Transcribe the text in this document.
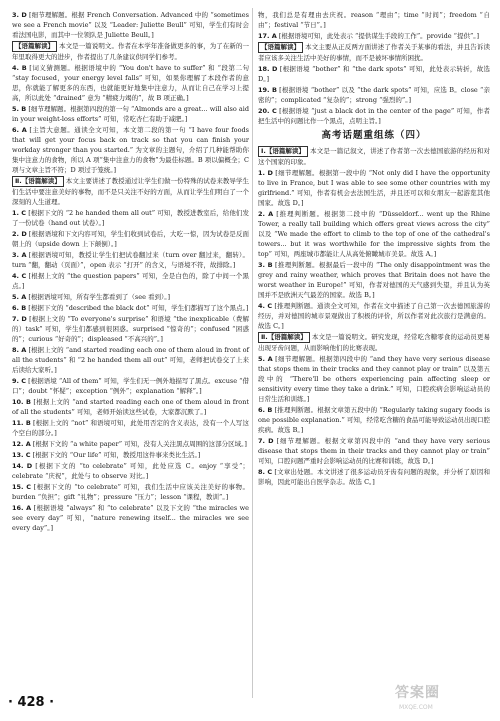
3. D [细节理解题。根据 French Conversation. Advanced 中的 “sometimes we see a French movie” 以及 “Leader: Juliette Beull” 可知，学生们有时会看法国电影，而其中一位领队是 Juliette Beull。]
【语篇解读】 本文是一篇说明文。作者在本学年准备做更多的事，为了在新的一年里取得更大的进步，作者提出了几条建议供同学们参考。
4. B [词义猜测题。根据语境中的 “You don't have to suffer” 和 “段第二句 “stay focused，your energy level falls” 可知，如果你理解了本段作者的意思，你就能了解更多的东西，也就能更好地集中注意力，从而让自己在学习上提高，所以此处 “drained” 意为 “精疲力竭的”，故 B 项正确。]
5. B [细节理解题。根据第四段的第一句 “Almonds are a great... will also aid in your weight-loss efforts” 可知，常吃杏仁有助于减肥。]
6. A [主旨大意题。通读全文可知，本文第二段的第一句 “I have four foods that will get your focus back on track so that you can finish your workday stronger than you started.” 为文章的主题句，介绍了几种能帮助你集中注意力的食物，所以 A 项“集中注意力的食物”为最佳标题。B 项以偏概全；C 项与文章主旨不符；D 项过于笼统。]
Ⅱ.【语篇解读】 本文主要讲述了教授通过让学生们做一份特殊的试卷来教导学生们生活中要注意美好的事物，而不是只关注不好的方面，从而让学生们明白了一个深刻的人生道理。
1. C [根据下文的 “2 he handed them all out” 可知，教授进教室后，给他们发了一份试卷（hand out 试卷）。]
2. D [根据语境和下文内容可知，学生们收到试卷后，大吃一惊，因为试卷是反面朝上的（upside down 上下颠倒）。]
3. A [根据语境可知，教授让学生们把试卷翻过来（turn over 翻过来，翻转）。turn “翻，翻动（页面）”，open 表示 “打开” 的含义，与语境不符，故排除。]
4. C [根据上文的 “the question papers” 可知，全是白色的，除了中间一个黑点。]
5. A [根据语境可知，所有学生都看到了（see 看到）。]
6. B [根据下文的 “described the black dot” 可知，学生们都描写了这个黑点。]
7. D [根据上文的 “To everyone's surprise” 和语境 “the inexplicable（费解的）task” 可知，学生们都感到很困惑。surprised “惊奇的”；confused “困惑的”；curious “好奇的”；displeased “不高兴的”。]
8. A [根据上文的 “and started reading each one of them aloud in front of all the students” 和 “2 he handed them all out” 可知，老师把试卷交了上来后读给大家听。]
9. C [根据语境 “All of them” 可知，学生们无一例外地描写了黑点。excuse “借口”；doubt “怀疑”；exception “例外”；explanation “解释”。]
10. B [根据上文的 “and started reading each one of them aloud in front of all the students” 可知，老师开始读这些试卷，大家都沉默了。]
11. B [根据上文的 “not” 和语境可知，此处用否定的含义表达，没有一个人写这个空白的部分。]
12. A [根据下文的 “a white paper” 可知，没有人关注黑点周围的这部分区域。]
13. C [根据下文的 “Our life” 可知，教授用这件事来类比生活。]
14. D [根据下文的 “to celebrate” 可知，此处应选 C。enjoy “享受”；celebrate “庆祝”，此处与 to observe 对比。]
15. C [根据下文的 “to celebrate” 可知，我们生活中应该关注美好的事物。burden “负担”；gift “礼物”；pressure “压力”；lesson “课程，教训”。]
16. A [根据语境 “always” 和 “to celebrate” 以及下文的 “the miracles we see every day” 可知，“nature renewing itself... the miracles we see every day”。]
物，我们总是有理由去庆祝。reason “理由”；time “时间”；freedom “自由”；festival “节日”。]
17. A [根据语境可知，此处表示 “提供谋生手段的工作”。provide “提供”。]
【语篇解读】 本文主要从正反两方面讲述了作者关于某事的看法，并且告诉读者应该多关注生活中美好的事情，而不是被坏事情所困扰。
18. D [根据语境 “bother” 和 “the dark spots” 可知，此处表示转折，故选 D。]
19. B [根据语境 “bother” 以及 “the dark spots” 可知，应选 B。close “亲密的”；complicated “复杂的”；strong “强烈的”。]
20. C [根据语境 “just a black dot in the center of the page” 可知，作者把生活中的问题比作一个黑点，点明主旨。]
高考话题重组练（四）
Ⅰ.【语篇解读】 本文是一篇记叙文，讲述了作者第一次去德国旅游的经历和对这个国家的印象。
1. D [细节理解题。根据第一段中的 “Not only did I have the opportunity to live in France, but I was able to see some other countries with my girlfriend.” 可知，作者有机会去法国生活，并且还可以和女朋友一起游览其他国家。故选 D。]
2. A [推理判断题。根据第二段中的 “Düsseldorf... went up the Rhine Tower, a really tall building which offers great views across the city” 以及 “We made the effort to climb to the top of one of the cathedral's towers... but it was worthwhile for the impressive sights from the top” 可知，两座城市都能让人从高处俯瞰城市美景。故选 A。]
3. B [推理判断题。根据最后一段中的 “The only disappointment was the grey and rainy weather, which proves that Britain does not have the worst weather in Europe!” 可知，作者对德国的天气感到失望，并且认为英国并不是欧洲天气最差的国家。故选 B。]
4. C [推理判断题。通读全文可知，作者在文中描述了自己第一次去德国旅游的经历，并对德国的城市景观做出了积极的评价，所以作者对此次旅行是满意的。故选 C。]
Ⅱ.【语篇解读】 本文是一篇说明文。研究发现，经常吃含糖零食的运动员更易出现牙齿问题，从而影响他们的比赛表现。
5. A [细节理解题。根据第四段中的 “and they have very serious disease that stops them in their tracks and they cannot play or train” 以及第五段中的 “There'll be others experiencing pain affecting sleep or sensitivity every time they take a drink.” 可知，口腔疾病会影响运动员的日常生活和训练。]
6. B [推理判断题。根据文章第五段中的 “Regularly taking sugary foods is one possible explanation.” 可知，经常吃含糖的食品可能导致运动员出现口腔疾病。故选 B。]
7. D [细节理解题。根据文章第四段中的 “and they have very serious disease that stops them in their tracks and they cannot play or train” 可知，口腔问题严重时会影响运动员的比赛和训练，故选 D。]
8. C [文章出处题。本文讲述了很多运动员牙齿有问题的现象，并分析了原因和影响，因此可能出自医学杂志。故选 C。]
· 428 ·
答案圈
MXQE.COM
